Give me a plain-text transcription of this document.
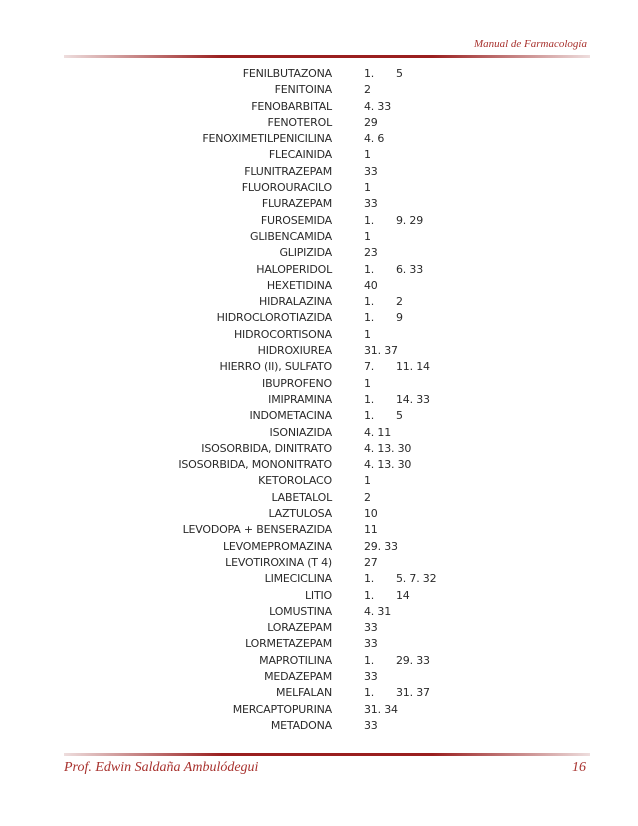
Manual de Farmacología
FENILBUTAZONA	1. 5
FENITOINA	2
FENOBARBITAL	4. 33
FENOTEROL	29
FENOXIMETILPENICILINA	4. 6
FLECAINIDA	1
FLUNITRAZEPAM	33
FLUOROURACILO	1
FLURAZEPAM	33
FUROSEMIDA	1. 9. 29
GLIBENCAMIDA	1
GLIPIZIDA	23
HALOPERIDOL	1. 6. 33
HEXETIDINA	40
HIDRALAZINA	1. 2
HIDROCLOROTIAZIDA	1. 9
HIDROCORTISONA	1
HIDROXIUREA	31. 37
HIERRO (II), SULFATO	7. 11. 14
IBUPROFENO	1
IMIPRAMINA	1. 14. 33
INDOMETACINA	1. 5
ISONIAZIDA	4. 11
ISOSORBIDA, DINITRATO	4. 13. 30
ISOSORBIDA, MONONITRATO	4. 13. 30
KETOROLACO	1
LABETALOL	2
LAZTULOSA	10
LEVODOPA + BENSERAZIDA	11
LEVOMEPROMAZINA	29. 33
LEVOTIROXINA (T 4)	27
LIMECICLINA	1. 5. 7. 32
LITIO	1. 14
LOMUSTINA	4. 31
LORAZEPAM	33
LORMETAZEPAM	33
MAPROTILINA	1. 29. 33
MEDAZEPAM	33
MELFALAN	1. 31. 37
MERCAPTOPURINA	31. 34
METADONA	33
Prof. Edwin Saldaña Ambulódegui	16
